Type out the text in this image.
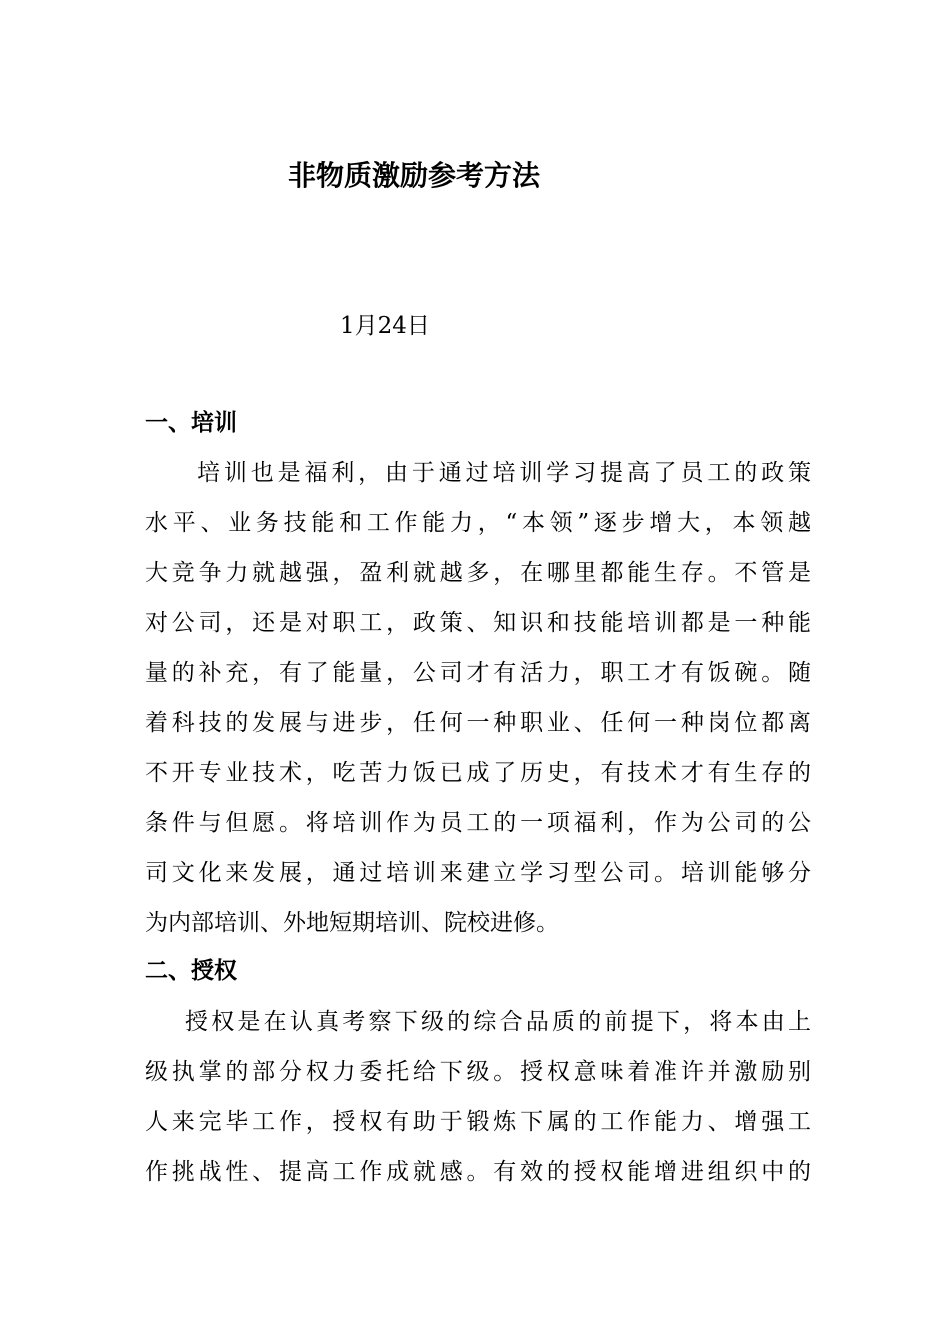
非物质激励参考方法
1月24日
一、培训
培训也是福利，由于通过培训学习提高了员工的政策
水平、业务技能和工作能力，“本领”逐步增大，本领越
大竞争力就越强，盈利就越多，在哪里都能生存。不管是
对公司，还是对职工，政策、知识和技能培训都是一种能
量的补充，有了能量，公司才有活力，职工才有饭碗。随
着科技的发展与进步，任何一种职业、任何一种岗位都离
不开专业技术，吃苦力饭已成了历史，有技术才有生存的
条件与但愿。将培训作为员工的一项福利，作为公司的公
司文化来发展，通过培训来建立学习型公司。培训能够分
为内部培训、外地短期培训、院校进修。
二、授权
授权是在认真考察下级的综合品质的前提下，将本由上
级执掌的部分权力委托给下级。授权意味着准许并激励别
人来完毕工作，授权有助于锻炼下属的工作能力、增强工
作挑战性、提高工作成就感。有效的授权能增进组织中的
